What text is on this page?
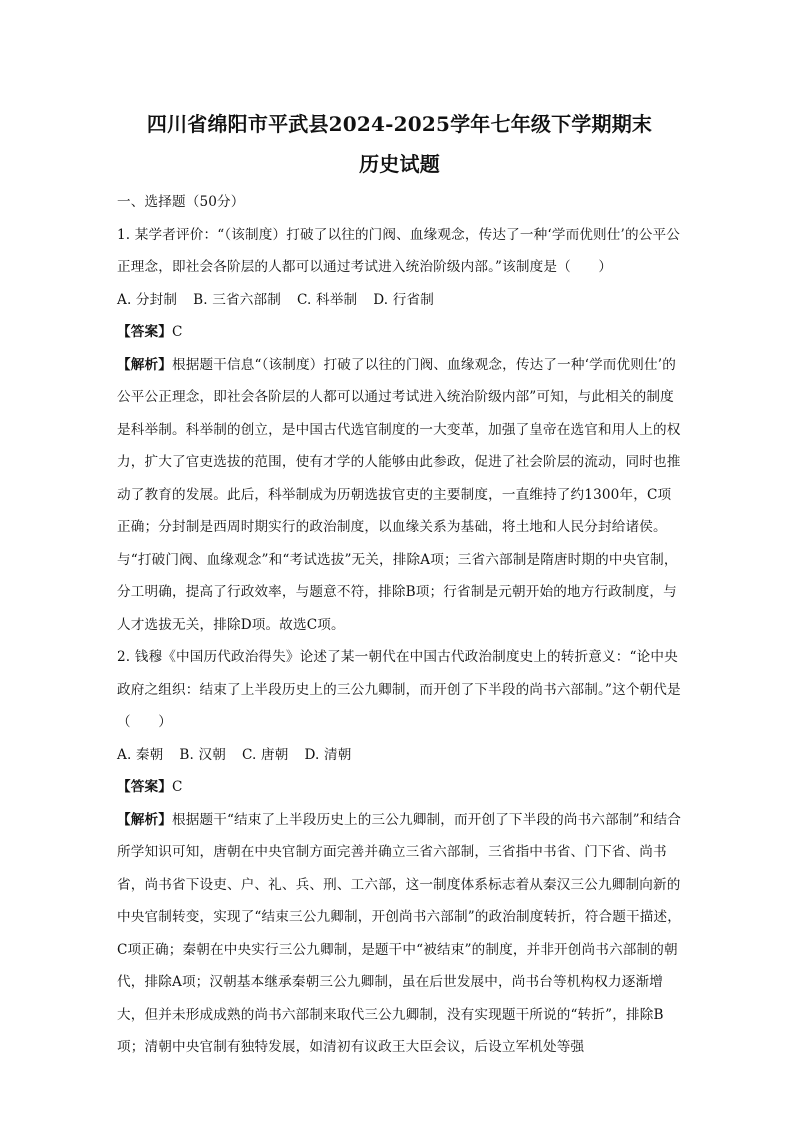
四川省绵阳市平武县2024-2025学年七年级下学期期末

历史试题

一、选择题（50分）

1. 某学者评价：“（该制度）打破了以往的门阀、血缘观念，传达了一种‘学而优则仕’的公平公正理念，即社会各阶层的人都可以通过考试进入统治阶级内部。”该制度是（　　）

A. 分封制 B. 三省六部制 C. 科举制 D. 行省制

【答案】C

【解析】根据题干信息“（该制度）打破了以往的门阀、血缘观念，传达了一种‘学而优则仕’的公平公正理念，即社会各阶层的人都可以通过考试进入统治阶级内部”可知，与此相关的制度是科举制。科举制的创立，是中国古代选官制度的一大变革，加强了皇帝在选官和用人上的权力，扩大了官吏选拔的范围，使有才学的人能够由此参政，促进了社会阶层的流动，同时也推动了教育的发展。此后，科举制成为历朝选拔官吏的主要制度，一直维持了约1300年，C项正确；分封制是西周时期实行的政治制度，以血缘关系为基础，将土地和人民分封给诸侯。与“打破门阀、血缘观念”和“考试选拔”无关，排除A项；三省六部制是隋唐时期的中央官制，分工明确，提高了行政效率，与题意不符，排除B项；行省制是元朝开始的地方行政制度，与人才选拔无关，排除D项。故选C项。

2. 钱穆《中国历代政治得失》论述了某一朝代在中国古代政治制度史上的转折意义：“论中央政府之组织：结束了上半段历史上的三公九卿制，而开创了下半段的尚书六部制。”这个朝代是（　　）

A. 秦朝 B. 汉朝 C. 唐朝 D. 清朝

【答案】C

【解析】根据题干“结束了上半段历史上的三公九卿制，而开创了下半段的尚书六部制”和结合所学知识可知，唐朝在中央官制方面完善并确立三省六部制，三省指中书省、门下省、尚书省，尚书省下设吏、户、礼、兵、刑、工六部，这一制度体系标志着从秦汉三公九卿制向新的中央官制转变，实现了“结束三公九卿制，开创尚书六部制”的政治制度转折，符合题干描述，C项正确；秦朝在中央实行三公九卿制，是题干中“被结束”的制度，并非开创尚书六部制的朝代，排除A项；汉朝基本继承秦朝三公九卿制，虽在后世发展中，尚书台等机构权力逐渐增大，但并未形成成熟的尚书六部制来取代三公九卿制，没有实现题干所说的“转折”，排除B项；清朝中央官制有独特发展，如清初有议政王大臣会议，后设立军机处等强
